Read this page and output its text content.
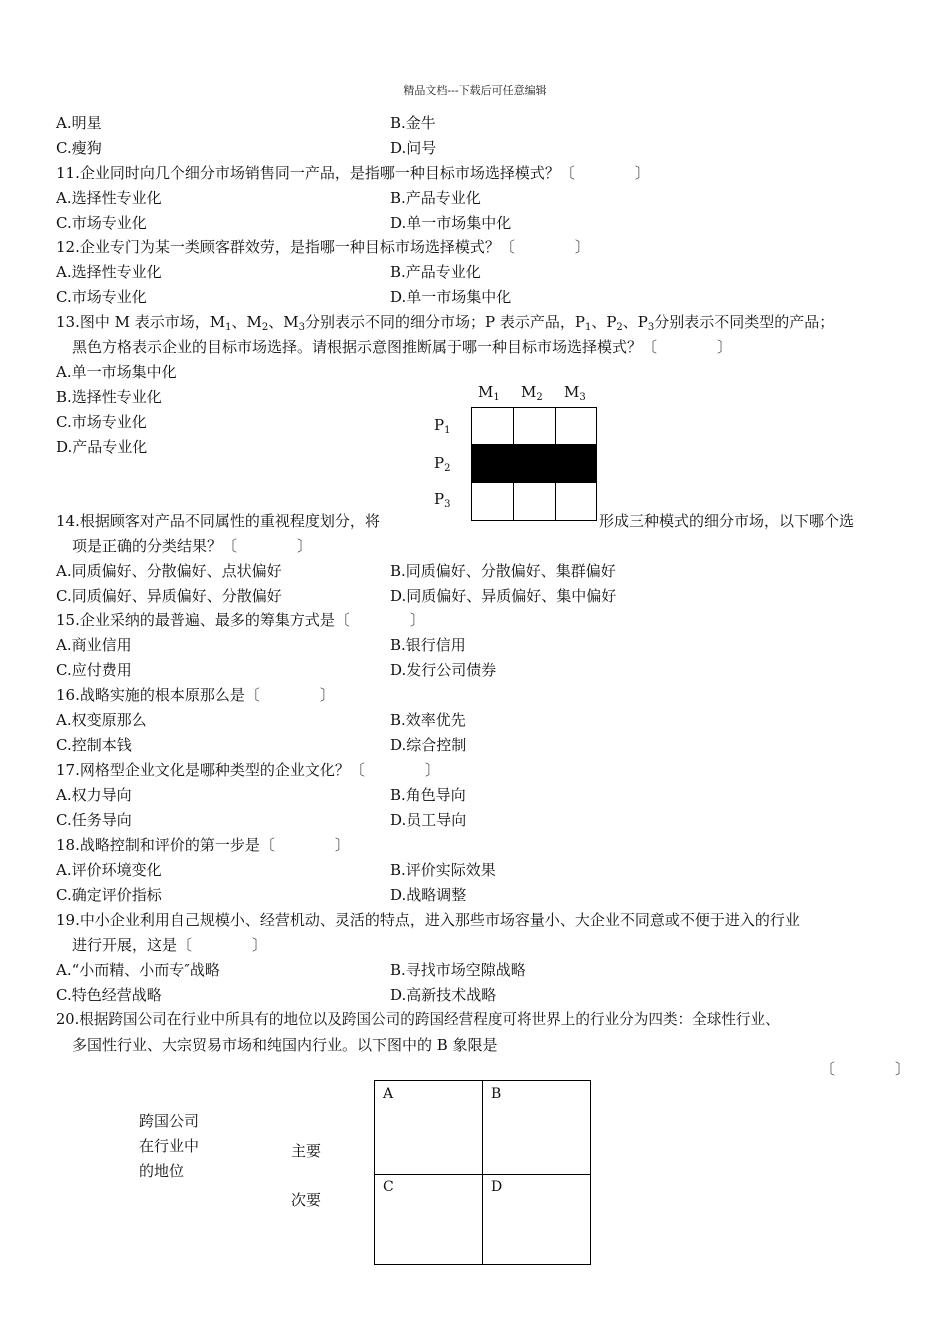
精品文档---下载后可任意编辑
A.明星	B.金牛
C.瘦狗	D.问号
11.企业同时向几个细分市场销售同一产品，是指哪一种目标市场选择模式？〔　　　　〕
A.选择性专业化	B.产品专业化
C.市场专业化	D.单一市场集中化
12.企业专门为某一类顾客群效劳，是指哪一种目标市场选择模式？〔　　　　〕
A.选择性专业化	B.产品专业化
C.市场专业化	D.单一市场集中化
13.图中 M 表示市场，$M_1$、$M_2$、$M_3$分别表示不同的细分市场；P 表示产品，$P_1$、$P_2$、$P_3$分别表示不同类型的产品；
黑色方格表示企业的目标市场选择。请根据示意图推断属于哪一种目标市场选择模式？〔　　　　〕
A.单一市场集中化
B.选择性专业化
C.市场专业化
D.产品专业化
$M_1$ $M_2$ $M_3$
$P_1$
$P_2$
$P_3$
14.根据顾客对产品不同属性的重视程度划分，将	形成三种模式的细分市场，以下哪个选
项是正确的分类结果？〔　　　　〕
A.同质偏好、分散偏好、点状偏好	B.同质偏好、分散偏好、集群偏好
C.同质偏好、异质偏好、分散偏好	D.同质偏好、异质偏好、集中偏好
15.企业采纳的最普遍、最多的筹集方式是〔　　　　〕
A.商业信用	B.银行信用
C.应付费用	D.发行公司债券
16.战略实施的根本原那么是〔　　　　〕
A.权变原那么	B.效率优先
C.控制本钱	D.综合控制
17.网格型企业文化是哪种类型的企业文化？〔　　　　〕
A.权力导向	B.角色导向
C.任务导向	D.员工导向
18.战略控制和评价的第一步是〔　　　　〕
A.评价环境变化	B.评价实际效果
C.确定评价指标	D.战略调整
19.中小企业利用自己规模小、经营机动、灵活的特点，进入那些市场容量小、大企业不同意或不便于进入的行业
进行开展，这是〔　　　　〕
A.“小而精、小而专″战略	B.寻找市场空隙战略
C.特色经营战略	D.高新技术战略
20.根据跨国公司在行业中所具有的地位以及跨国公司的跨国经营程度可将世界上的行业分为四类：全球性行业、
多国性行业、大宗贸易市场和纯国内行业。以下图中的 B 象限是
〔　　　　〕
跨国公司
在行业中
的地位
主要
次要
A	B
C	D
